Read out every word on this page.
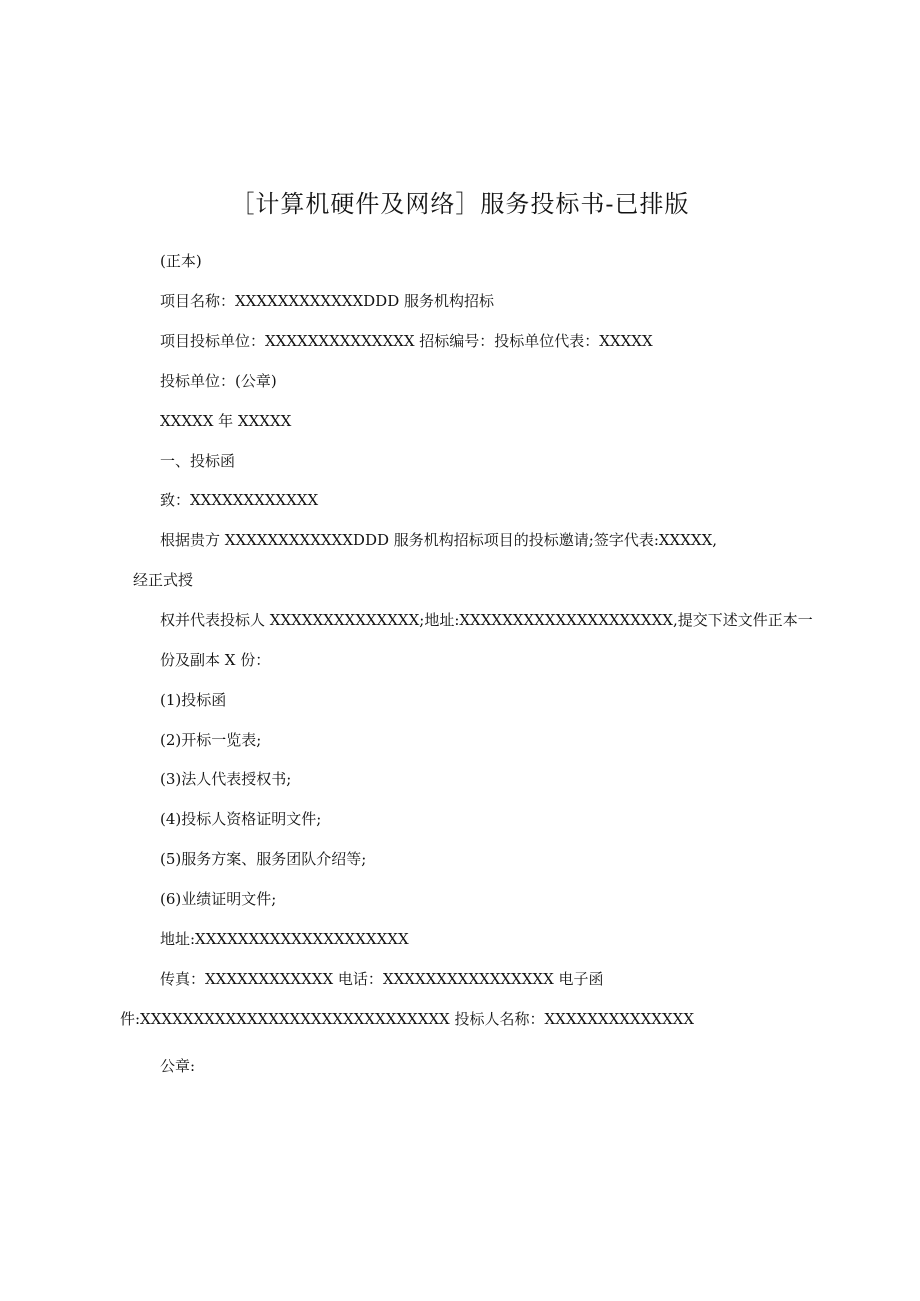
［计算机硬件及网络］服务投标书-已排版
(正本)
项目名称：XXXXXXXXXXXXDDD 服务机构招标
项目投标单位：XXXXXXXXXXXXXX 招标编号：投标单位代表：XXXXX
投标单位：(公章)
XXXXX 年 XXXXX
一、投标函
致：XXXXXXXXXXXX
根据贵方 XXXXXXXXXXXXDDD 服务机构招标项目的投标邀请;签字代表:XXXXX,
经正式授
权并代表投标人 XXXXXXXXXXXXXX;地址:XXXXXXXXXXXXXXXXXXXX,提交下述文件正本一
份及副本 X 份：
(1)投标函
(2)开标一览表;
(3)法人代表授权书;
(4)投标人资格证明文件;
(5)服务方案、服务团队介绍等;
(6)业绩证明文件;
地址:XXXXXXXXXXXXXXXXXXXX
传真：XXXXXXXXXXXX 电话：XXXXXXXXXXXXXXXX 电子函
件:XXXXXXXXXXXXXXXXXXXXXXXXXXXXX 投标人名称：XXXXXXXXXXXXXX
公章:
